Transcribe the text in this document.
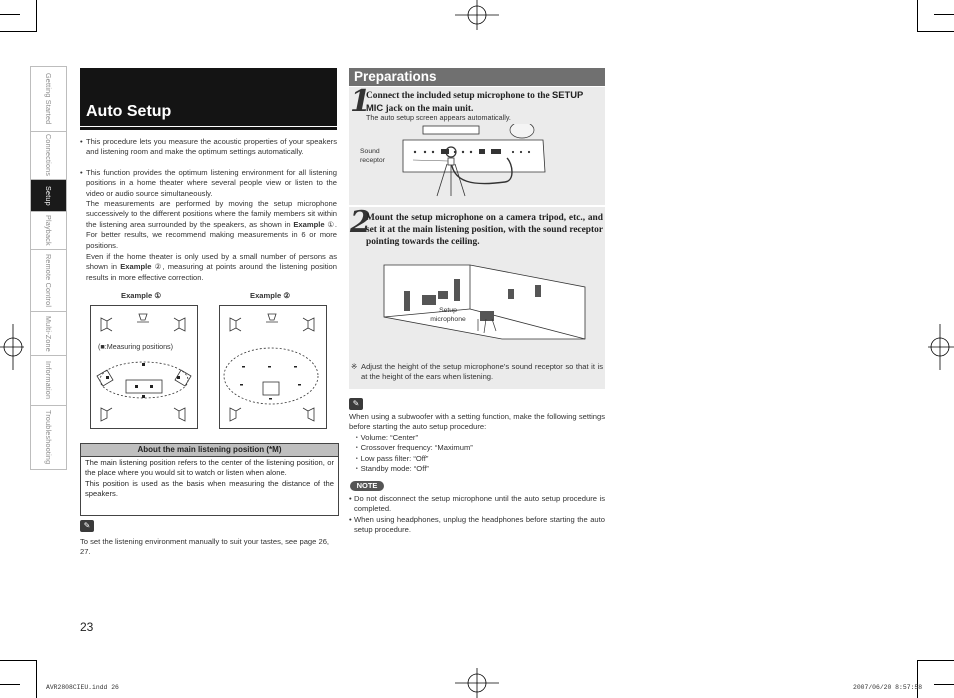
Getting Started
Connections
Setup
Playback
Remote Control
Multi-Zone
Information
Troubleshooting
Auto Setup
• This procedure lets you measure the acoustic properties of your speakers and listening room and make the optimum settings automatically.
• This function provides the optimum listening environment for all listening positions in a home theater where several people view or listen to the video or audio source simultaneously.
The measurements are performed by moving the setup microphone successively to the different positions where the family members sit within the listening area surrounded by the speakers, as shown in Example ①. For better results, we recommend making measurements in 6 or more positions.
Even if the home theater is only used by a small number of persons as shown in Example ②, measuring at points around the listening position results in more effective correction.
Example ①	Example ②
(■:Measuring positions)
About the main listening position (*M)

The main listening position refers to the center of the listening position, or the place where you would sit to watch or listen when alone.

This position is used as the basis when measuring the distance of the speakers.

✎
To set the listening environment manually to suit your tastes, see page 26, 27.
23
Preparations
1
Connect the included setup microphone to the SETUP
MIC jack on the main unit.
The auto setup screen appears automatically.
Sound
receptor
2
Mount the setup microphone on a camera tripod, etc., and set it at the main listening position, with the sound receptor pointing towards the ceiling.
Setup
microphone
※ Adjust the height of the setup microphone's sound receptor so that it is at the height of the ears when listening.
✎
When using a subwoofer with a setting function, make the following settings before starting the auto setup procedure:
・Volume: “Center”
・Crossover frequency: “Maximum”
・Low pass filter: “Off”
・Standby mode: “Off”
NOTE
• Do not disconnect the setup microphone until the auto setup procedure is completed.
• When using headphones, unplug the headphones before starting the auto setup procedure.
AVR2808CIEU.indd 26	2007/06/20 8:57:58
